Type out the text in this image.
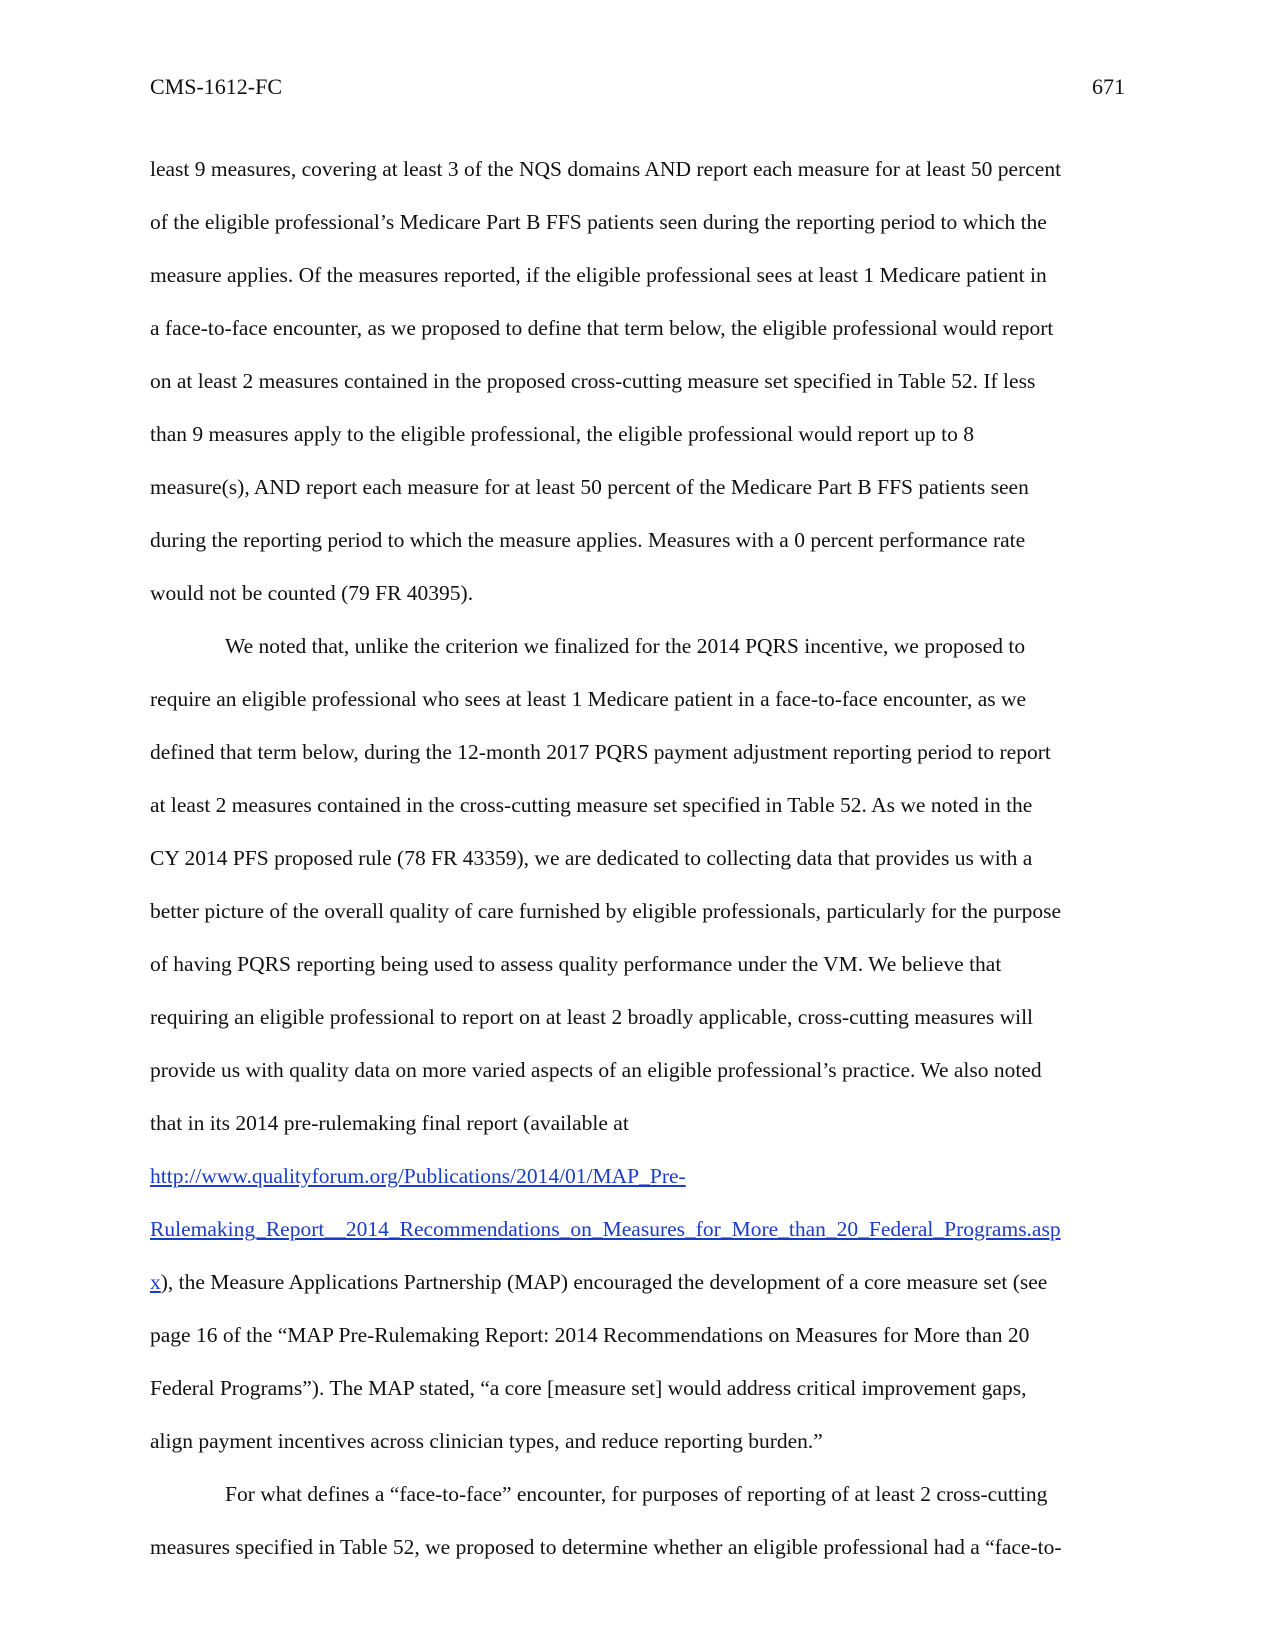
CMS-1612-FC	671
least 9 measures, covering at least 3 of the NQS domains AND report each measure for at least 50 percent
of the eligible professional’s Medicare Part B FFS patients seen during the reporting period to which the
measure applies. Of the measures reported, if the eligible professional sees at least 1 Medicare patient in
a face-to-face encounter, as we proposed to define that term below, the eligible professional would report
on at least 2 measures contained in the proposed cross-cutting measure set specified in Table 52. If less
than 9 measures apply to the eligible professional, the eligible professional would report up to 8
measure(s), AND report each measure for at least 50 percent of the Medicare Part B FFS patients seen
during the reporting period to which the measure applies. Measures with a 0 percent performance rate
would not be counted (79 FR 40395).
We noted that, unlike the criterion we finalized for the 2014 PQRS incentive, we proposed to
require an eligible professional who sees at least 1 Medicare patient in a face-to-face encounter, as we
defined that term below, during the 12-month 2017 PQRS payment adjustment reporting period to report
at least 2 measures contained in the cross-cutting measure set specified in Table 52. As we noted in the
CY 2014 PFS proposed rule (78 FR 43359), we are dedicated to collecting data that provides us with a
better picture of the overall quality of care furnished by eligible professionals, particularly for the purpose
of having PQRS reporting being used to assess quality performance under the VM. We believe that
requiring an eligible professional to report on at least 2 broadly applicable, cross-cutting measures will
provide us with quality data on more varied aspects of an eligible professional’s practice. We also noted
that in its 2014 pre-rulemaking final report (available at
http://www.qualityforum.org/Publications/2014/01/MAP_Pre-
Rulemaking_Report__2014_Recommendations_on_Measures_for_More_than_20_Federal_Programs.asp
x), the Measure Applications Partnership (MAP) encouraged the development of a core measure set (see
page 16 of the “MAP Pre-Rulemaking Report: 2014 Recommendations on Measures for More than 20
Federal Programs”). The MAP stated, “a core [measure set] would address critical improvement gaps,
align payment incentives across clinician types, and reduce reporting burden.”
For what defines a “face-to-face” encounter, for purposes of reporting of at least 2 cross-cutting
measures specified in Table 52, we proposed to determine whether an eligible professional had a “face-to-
